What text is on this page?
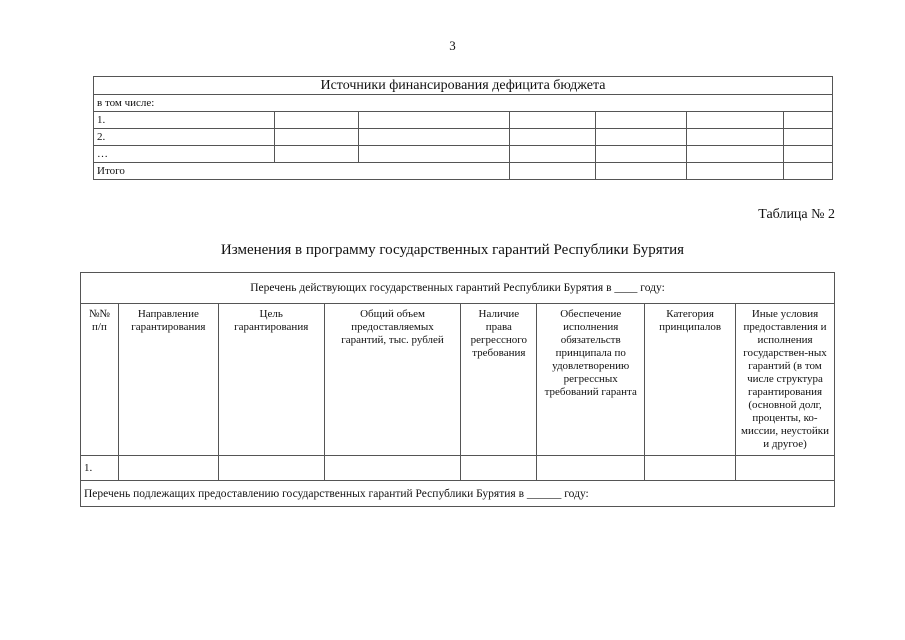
3
Источники финансирования дефицита бюджета						
в том числе:						
1.						
2.						
…						
Итого						
Таблица № 2
Изменения в программу государственных гарантий Республики Бурятия
Перечень действующих государственных гарантий Республики Бурятия в ____ году:							
№№ п/п	Направление гарантирования	Цель гарантирования	Общий объем предоставляемых гарантий, тыс. рублей	Наличие права регрессного требования	Обеспечение исполнения обязательств принципала по удовлетворению регрессных требований гаранта	Категория принципалов	Иные условия предоставления и исполнения государствен-ных гарантий (в том числе структура гарантирования (основной долг, проценты, ко-миссии, неустойки и другое)
1.							
Перечень подлежащих предоставлению государственных гарантий Республики Бурятия в ______ году:							
